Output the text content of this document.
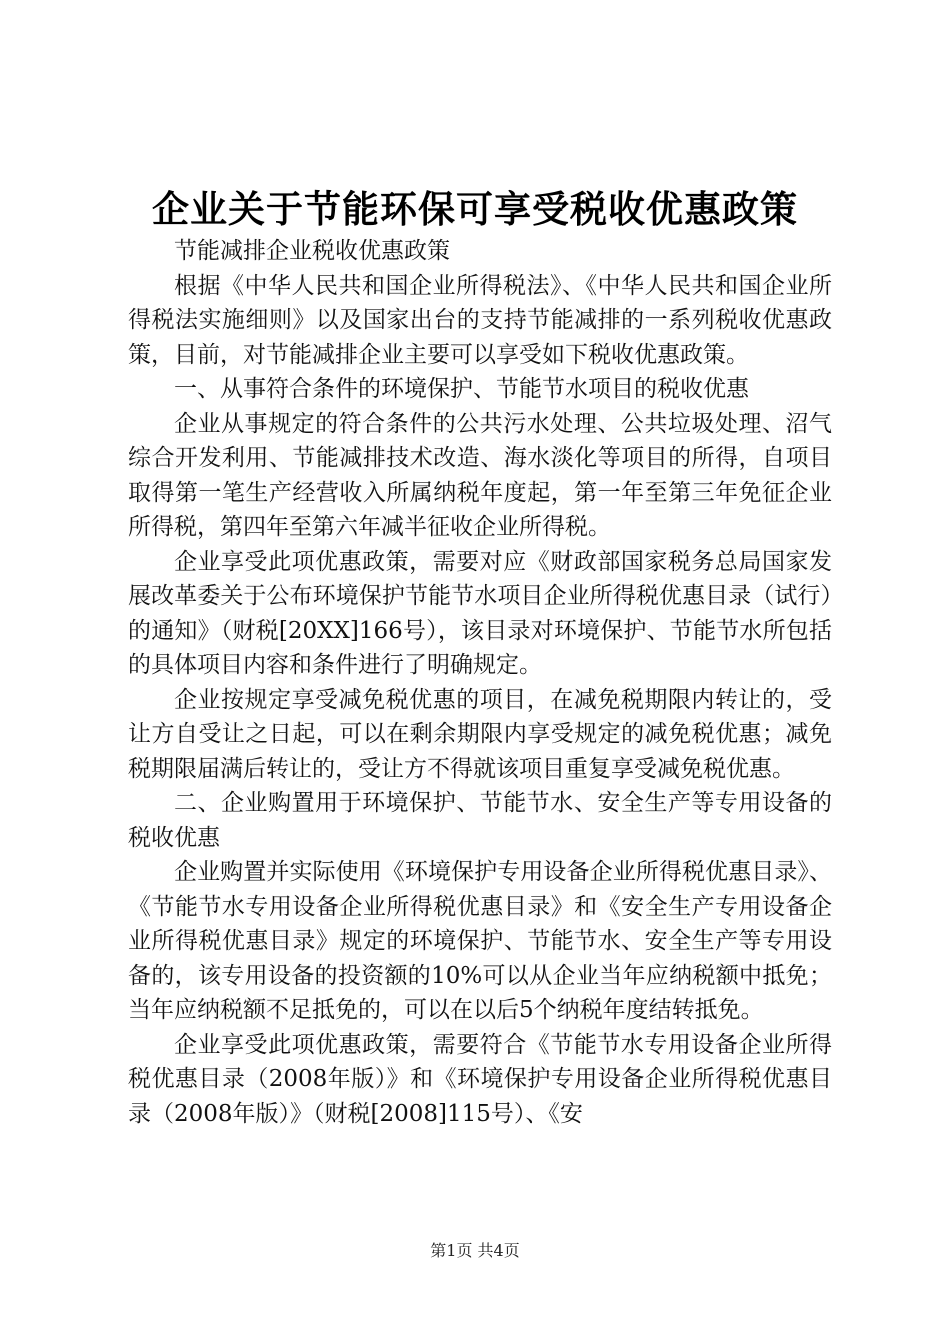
企业关于节能环保可享受税收优惠政策

节能减排企业税收优惠政策

根据《中华人民共和国企业所得税法》、《中华人民共和国企业所得税法实施细则》以及国家出台的支持节能减排的一系列税收优惠政策，目前，对节能减排企业主要可以享受如下税收优惠政策。

一、从事符合条件的环境保护、节能节水项目的税收优惠

企业从事规定的符合条件的公共污水处理、公共垃圾处理、沼气综合开发利用、节能减排技术改造、海水淡化等项目的所得，自项目取得第一笔生产经营收入所属纳税年度起，第一年至第三年免征企业所得税，第四年至第六年减半征收企业所得税。

企业享受此项优惠政策，需要对应《财政部国家税务总局国家发展改革委关于公布环境保护节能节水项目企业所得税优惠目录（试行）的通知》（财税[20XX]166号），该目录对环境保护、节能节水所包括的具体项目内容和条件进行了明确规定。

企业按规定享受减免税优惠的项目，在减免税期限内转让的，受让方自受让之日起，可以在剩余期限内享受规定的减免税优惠；减免税期限届满后转让的，受让方不得就该项目重复享受减免税优惠。

二、企业购置用于环境保护、节能节水、安全生产等专用设备的税收优惠

企业购置并实际使用《环境保护专用设备企业所得税优惠目录》、《节能节水专用设备企业所得税优惠目录》和《安全生产专用设备企业所得税优惠目录》规定的环境保护、节能节水、安全生产等专用设备的，该专用设备的投资额的10%可以从企业当年应纳税额中抵免；当年应纳税额不足抵免的，可以在以后5个纳税年度结转抵免。

企业享受此项优惠政策，需要符合《节能节水专用设备企业所得税优惠目录（2008年版）》和《环境保护专用设备企业所得税优惠目录（2008年版）》（财税[2008]115号）、《安

第1页 共4页
